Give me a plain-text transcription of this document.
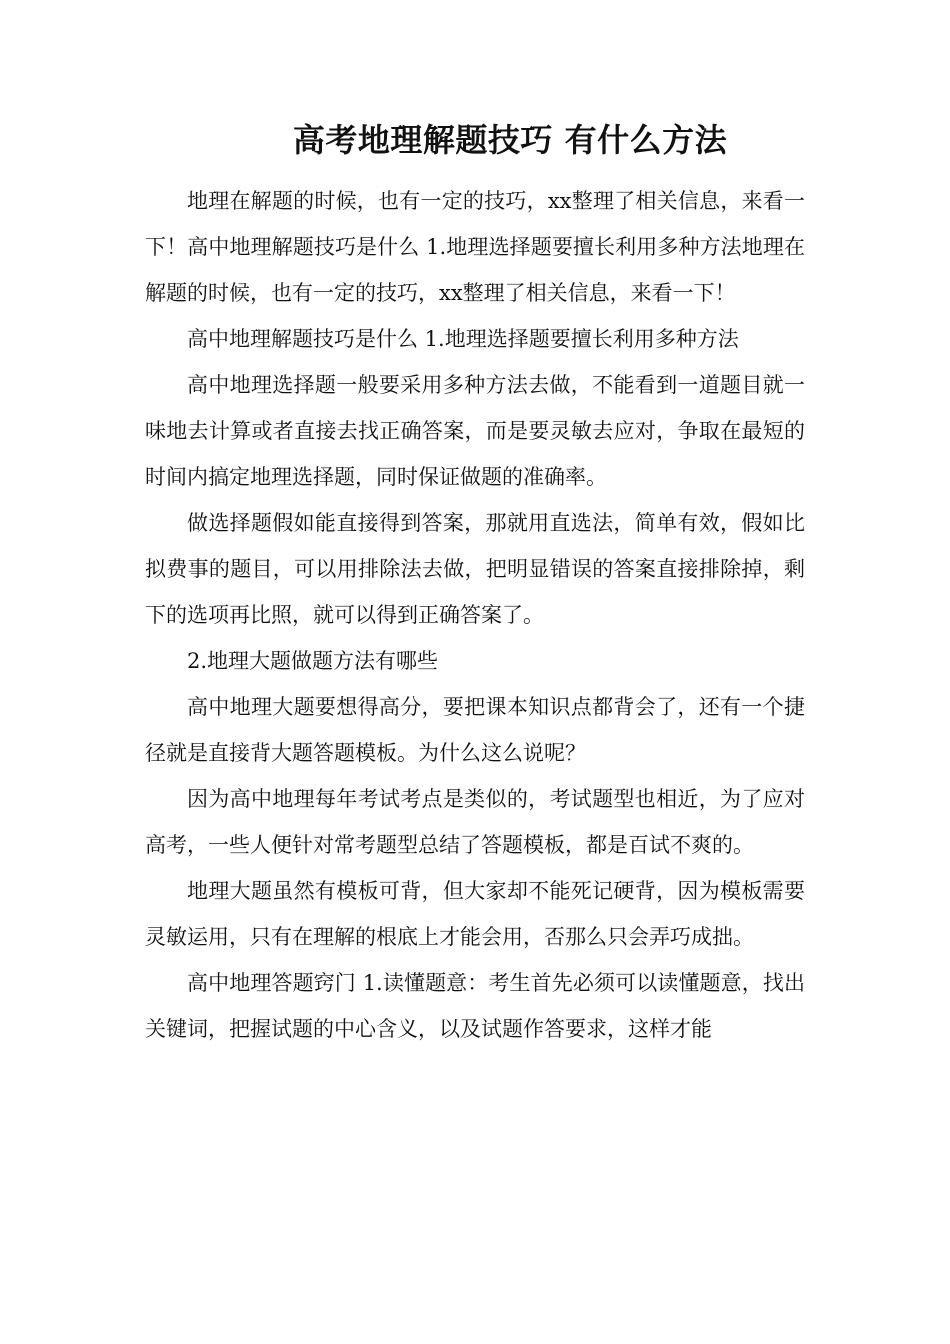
高考地理解题技巧 有什么方法

地理在解题的时候，也有一定的技巧，xx整理了相关信息，来看一下！高中地理解题技巧是什么 1.地理选择题要擅长利用多种方法地理在解题的时候，也有一定的技巧，xx整理了相关信息，来看一下！

高中地理解题技巧是什么 1.地理选择题要擅长利用多种方法

高中地理选择题一般要采用多种方法去做，不能看到一道题目就一味地去计算或者直接去找正确答案，而是要灵敏去应对，争取在最短的时间内搞定地理选择题，同时保证做题的准确率。

做选择题假如能直接得到答案，那就用直选法，简单有效，假如比拟费事的题目，可以用排除法去做，把明显错误的答案直接排除掉，剩下的选项再比照，就可以得到正确答案了。

2.地理大题做题方法有哪些

高中地理大题要想得高分，要把课本知识点都背会了，还有一个捷径就是直接背大题答题模板。为什么这么说呢？

因为高中地理每年考试考点是类似的，考试题型也相近，为了应对高考，一些人便针对常考题型总结了答题模板，都是百试不爽的。

地理大题虽然有模板可背，但大家却不能死记硬背，因为模板需要灵敏运用，只有在理解的根底上才能会用，否那么只会弄巧成拙。

高中地理答题窍门 1.读懂题意：考生首先必须可以读懂题意，找出关键词，把握试题的中心含义，以及试题作答要求，这样才能
